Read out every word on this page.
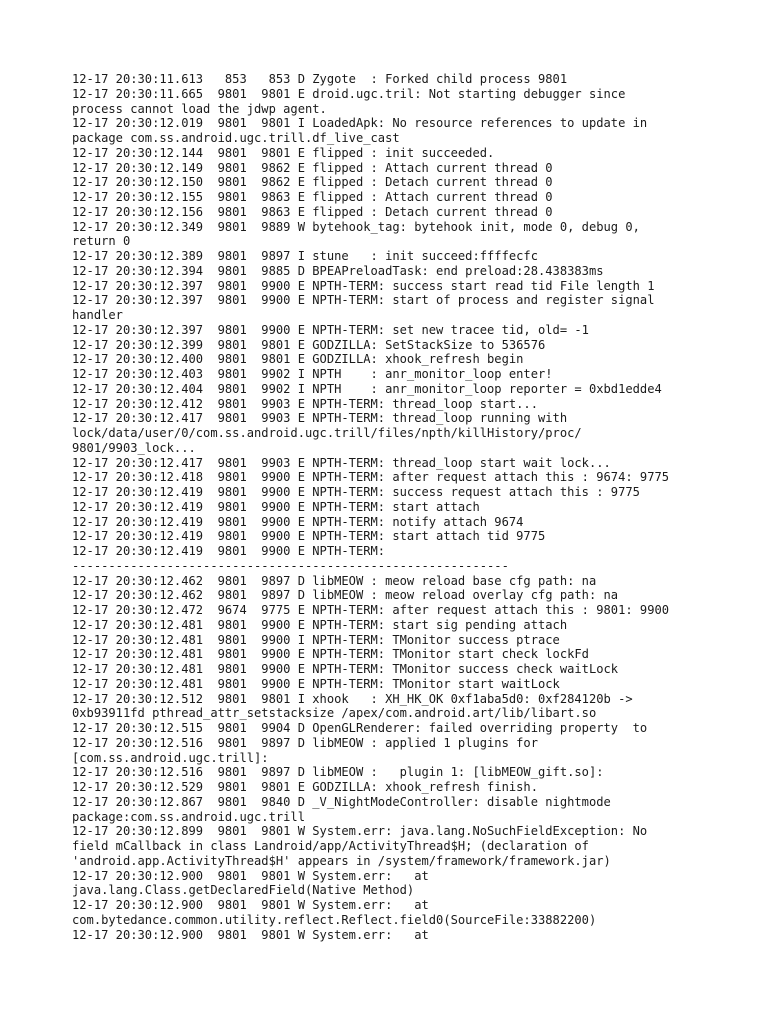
12-17 20:30:11.613   853   853 D Zygote  : Forked child process 9801
12-17 20:30:11.665  9801  9801 E droid.ugc.tril: Not starting debugger since
process cannot load the jdwp agent.
12-17 20:30:12.019  9801  9801 I LoadedApk: No resource references to update in
package com.ss.android.ugc.trill.df_live_cast
12-17 20:30:12.144  9801  9801 E flipped : init succeeded.
12-17 20:30:12.149  9801  9862 E flipped : Attach current thread 0
12-17 20:30:12.150  9801  9862 E flipped : Detach current thread 0
12-17 20:30:12.155  9801  9863 E flipped : Attach current thread 0
12-17 20:30:12.156  9801  9863 E flipped : Detach current thread 0
12-17 20:30:12.349  9801  9889 W bytehook_tag: bytehook init, mode 0, debug 0,
return 0
12-17 20:30:12.389  9801  9897 I stune   : init succeed:ffffecfc
12-17 20:30:12.394  9801  9885 D BPEAPreloadTask: end preload:28.438383ms
12-17 20:30:12.397  9801  9900 E NPTH-TERM: success start read tid File length 1
12-17 20:30:12.397  9801  9900 E NPTH-TERM: start of process and register signal
handler
12-17 20:30:12.397  9801  9900 E NPTH-TERM: set new tracee tid, old= -1
12-17 20:30:12.399  9801  9801 E GODZILLA: SetStackSize to 536576
12-17 20:30:12.400  9801  9801 E GODZILLA: xhook_refresh begin
12-17 20:30:12.403  9801  9902 I NPTH    : anr_monitor_loop enter!
12-17 20:30:12.404  9801  9902 I NPTH    : anr_monitor_loop reporter = 0xbd1edde4
12-17 20:30:12.412  9801  9903 E NPTH-TERM: thread_loop start...
12-17 20:30:12.417  9801  9903 E NPTH-TERM: thread_loop running with
lock/data/user/0/com.ss.android.ugc.trill/files/npth/killHistory/proc/
9801/9903_lock...
12-17 20:30:12.417  9801  9903 E NPTH-TERM: thread_loop start wait lock...
12-17 20:30:12.418  9801  9900 E NPTH-TERM: after request attach this : 9674: 9775
12-17 20:30:12.419  9801  9900 E NPTH-TERM: success request attach this : 9775
12-17 20:30:12.419  9801  9900 E NPTH-TERM: start attach
12-17 20:30:12.419  9801  9900 E NPTH-TERM: notify attach 9674
12-17 20:30:12.419  9801  9900 E NPTH-TERM: start attach tid 9775
12-17 20:30:12.419  9801  9900 E NPTH-TERM:
------------------------------------------------------------
12-17 20:30:12.462  9801  9897 D libMEOW : meow reload base cfg path: na
12-17 20:30:12.462  9801  9897 D libMEOW : meow reload overlay cfg path: na
12-17 20:30:12.472  9674  9775 E NPTH-TERM: after request attach this : 9801: 9900
12-17 20:30:12.481  9801  9900 E NPTH-TERM: start sig pending attach
12-17 20:30:12.481  9801  9900 I NPTH-TERM: TMonitor success ptrace
12-17 20:30:12.481  9801  9900 E NPTH-TERM: TMonitor start check lockFd
12-17 20:30:12.481  9801  9900 E NPTH-TERM: TMonitor success check waitLock
12-17 20:30:12.481  9801  9900 E NPTH-TERM: TMonitor start waitLock
12-17 20:30:12.512  9801  9801 I xhook   : XH_HK_OK 0xf1aba5d0: 0xf284120b ->
0xb93911fd pthread_attr_setstacksize /apex/com.android.art/lib/libart.so
12-17 20:30:12.515  9801  9904 D OpenGLRenderer: failed overriding property  to
12-17 20:30:12.516  9801  9897 D libMEOW : applied 1 plugins for
[com.ss.android.ugc.trill]:
12-17 20:30:12.516  9801  9897 D libMEOW :   plugin 1: [libMEOW_gift.so]:
12-17 20:30:12.529  9801  9801 E GODZILLA: xhook_refresh finish.
12-17 20:30:12.867  9801  9840 D _V_NightModeController: disable nightmode
package:com.ss.android.ugc.trill
12-17 20:30:12.899  9801  9801 W System.err: java.lang.NoSuchFieldException: No
field mCallback in class Landroid/app/ActivityThread$H; (declaration of
'android.app.ActivityThread$H' appears in /system/framework/framework.jar)
12-17 20:30:12.900  9801  9801 W System.err:   at
java.lang.Class.getDeclaredField(Native Method)
12-17 20:30:12.900  9801  9801 W System.err:   at
com.bytedance.common.utility.reflect.Reflect.field0(SourceFile:33882200)
12-17 20:30:12.900  9801  9801 W System.err:   at
